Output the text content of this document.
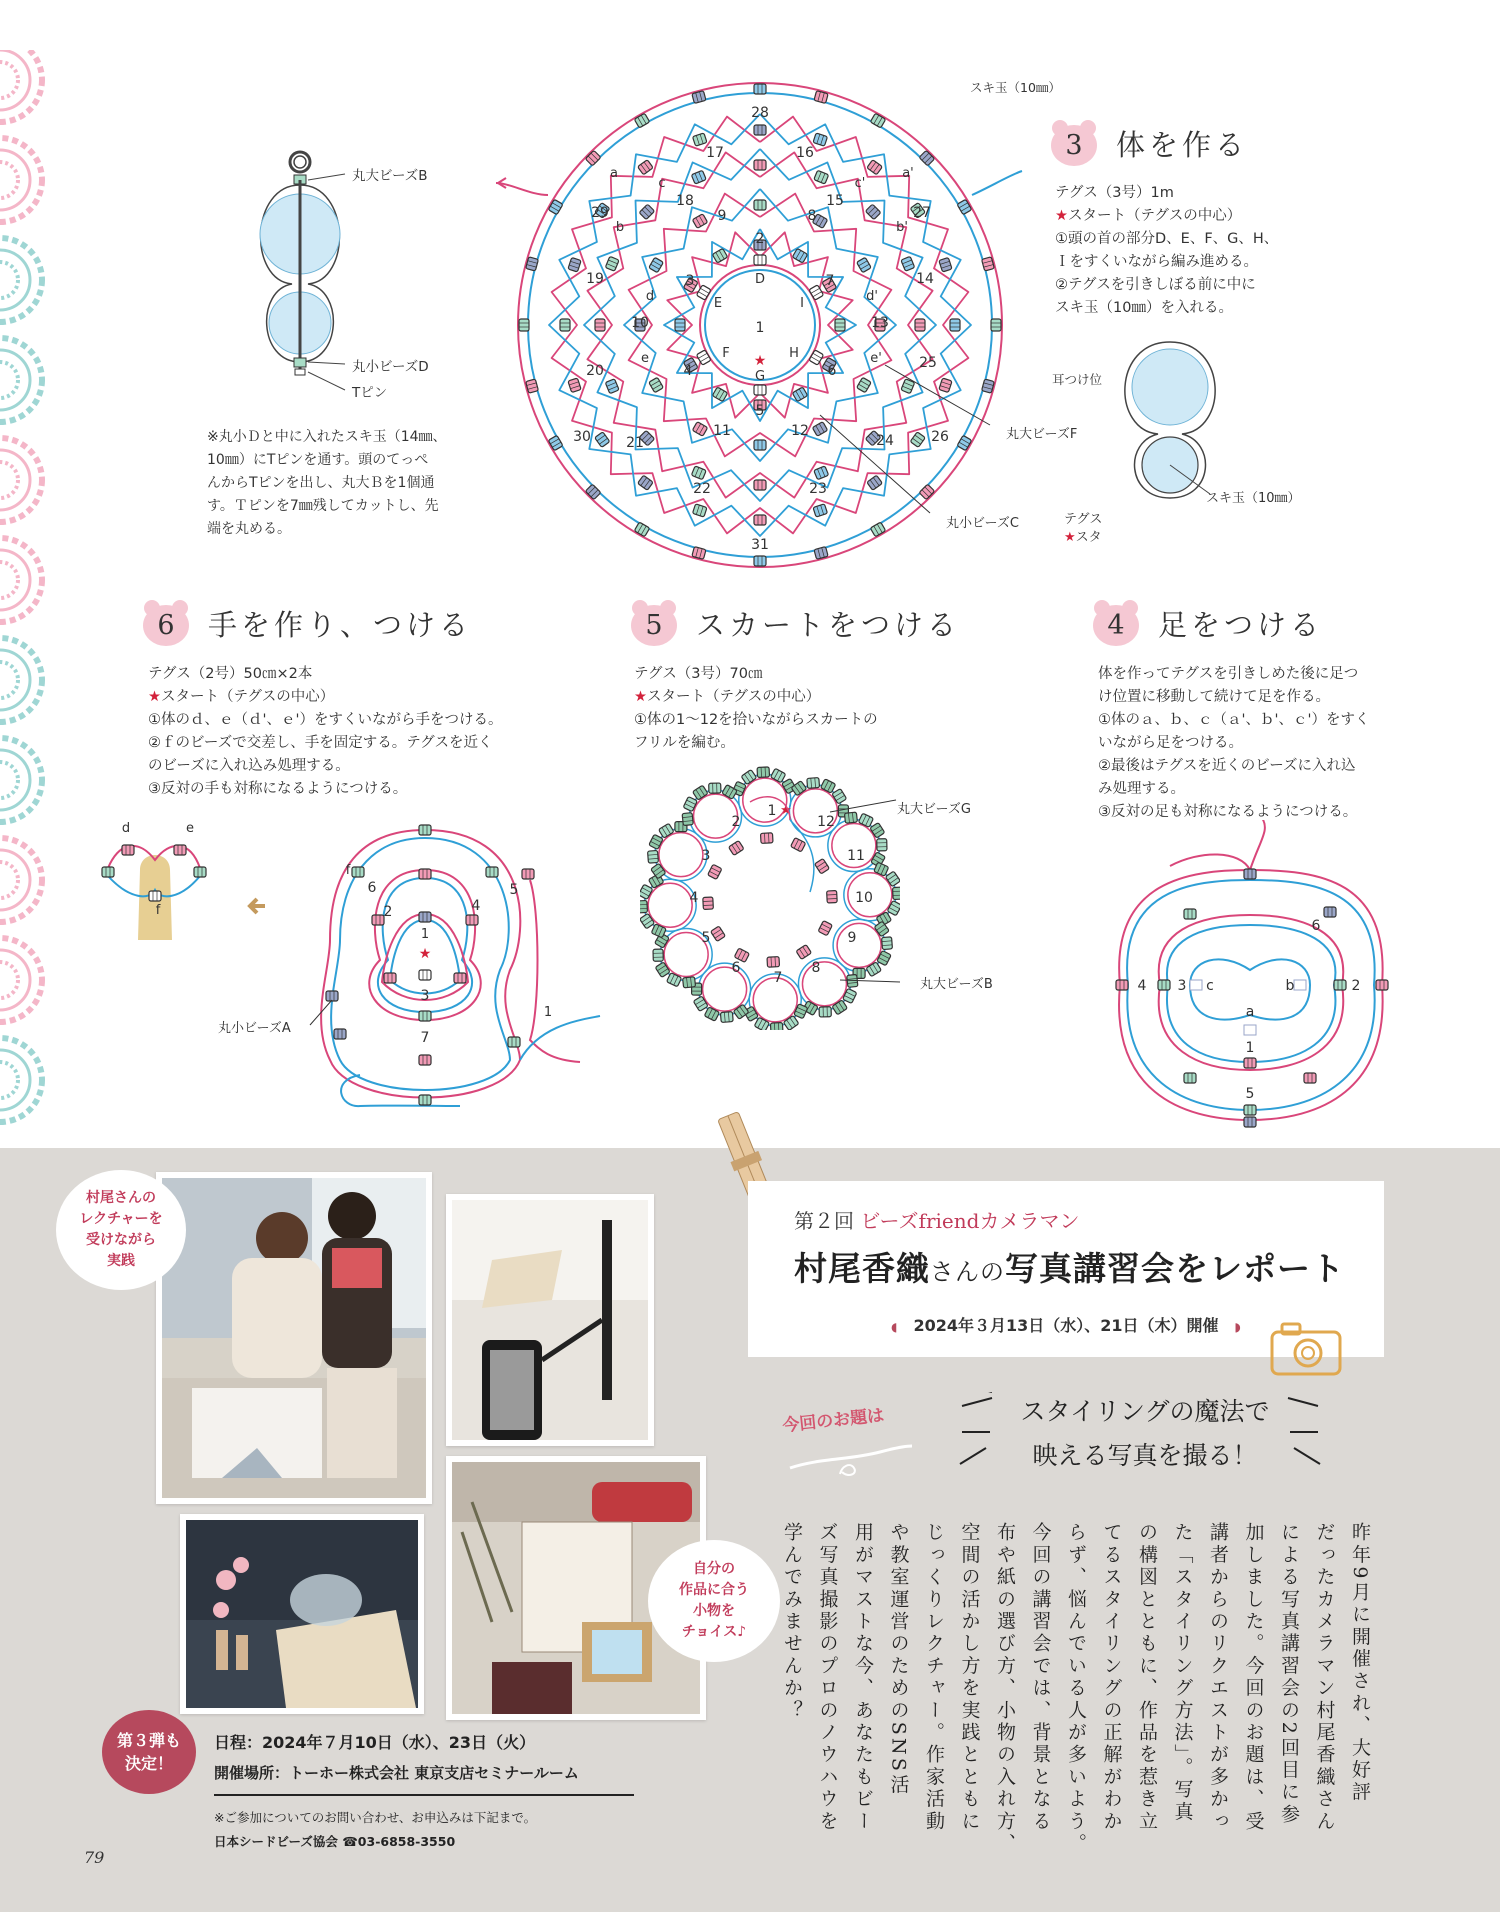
丸大ビーズB
丸小ビーズD
Tピン
※丸小Ｄと中に入れたスキ玉（14㎜、
10㎜）にTピンを通す。頭のてっぺ
んからTピンを出し、丸大Ｂを1個通
す。Ｔピンを7㎜残してカットし、先
端を丸める。
28
17	16
18
9	8
15
29	27
2
3	7
19	14
1
10	13
20	4	6	25
5
30	11	12	26
21	24
22	23
31
a
c	c'
a'
b	b'
d	d'
e	e'
D
E	I
F	H
G
★
スキ玉（10㎜）
丸大ビーズF
丸小ビーズC
3	体を作る
テグス（3号）1m
★スタート（テグスの中心）
①頭の首の部分D、E、F、G、H、
Ｉをすくいながら編み進める。
②テグスを引きしぼる前に中に
スキ玉（10㎜）を入れる。
耳つけ位
スキ玉（10㎜）
テグス
★スタ
6	手を作り、つける
テグス（2号）50㎝×2本
★スタート（テグスの中心）
①体のｄ、ｅ（ｄ'、ｅ'）をすくいながら手をつける。
②ｆのビーズで交差し、手を固定する。テグスを近く
のビーズに入れ込み処理する。
③反対の手も対称になるようにつける。
d	e
f
f
6	5
2	4
1
3
7
1
★
丸小ビーズA
5	スカートをつける
テグス（3号）70㎝
★スタート（テグスの中心）
①体の1～12を拾いながらスカートの
フリルを編む。
1
2	12
3	11
4	10
5	9
6	8
7
★	丸大ビーズG
丸大ビーズB
4	足をつける
体を作ってテグスを引きしめた後に足つ
け位置に移動して続けて足を作る。
①体のａ、ｂ、ｃ（ａ'、ｂ'、ｃ'）をすく
いながら足をつける。
②最後はテグスを近くのビーズに入れ込
み処理する。
③反対の足も対称になるようにつける。
6
4 3 c	b	2
a
1
5
村尾さんの
レクチャーを
受けながら
実践
自分の
作品に合う
小物を
チョイス♪
第２回 ビーズfriendカメラマン
村尾香織さんの写真講習会をレポート
◖　 2024年３月13日（水）、21日（木）開催　 ◗
今回のお題は	スタイリングの魔法で
映える写真を撮る！
昨年9月に開催され、大好評
だったカメラマン村尾香織さん
による写真講習会の2回目に参
加しました。今回のお題は、受
講者からのリクエストが多かっ
た「スタイリング方法」。写真
の構図とともに、作品を惹き立
てるスタイリングの正解がわか
らず、悩んでいる人が多いよう。
今回の講習会では、背景となる
布や紙の選び方、小物の入れ方、
空間の活かし方を実践とともに
じっくりレクチャー。作家活動
や教室運営のためのSNS活
用がマストな今、あなたもビー
ズ写真撮影のプロのノウハウを
学んでみませんか？
第３弾も
決定！
日程：2024年７月10日（水）、23日（火）
開催場所：トーホー株式会社 東京支店セミナールーム
※ご参加についてのお問い合わせ、お申込みは下記まで。
日本シードビーズ協会 ☎03-6858-3550
79
